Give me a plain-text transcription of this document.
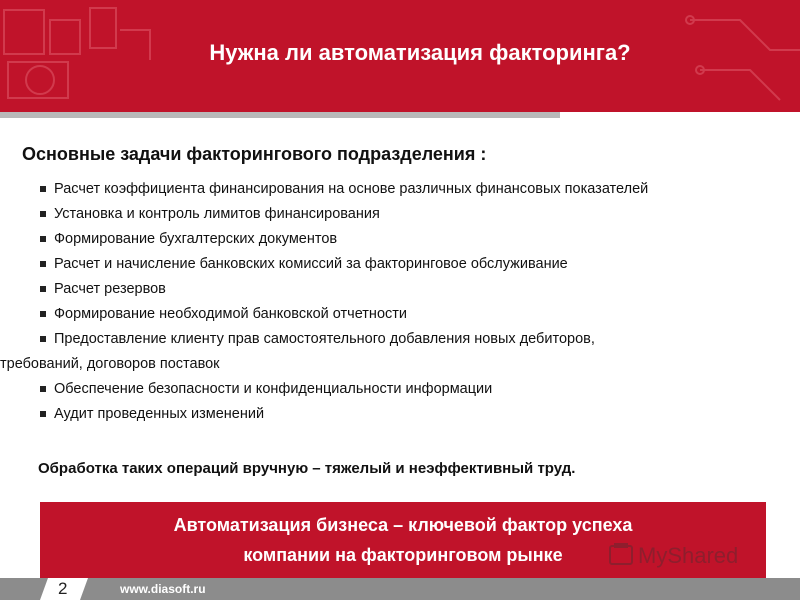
Нужна ли автоматизация факторинга?
Основные задачи факторингового подразделения :
Расчет коэффициента финансирования на основе различных финансовых показателей
Установка и контроль лимитов финансирования
Формирование бухгалтерских документов
Расчет и начисление банковских комиссий за факторинговое обслуживание
Расчет резервов
Формирование необходимой банковской отчетности
Предоставление клиенту прав самостоятельного добавления новых дебиторов,
требований, договоров поставок
Обеспечение безопасности и конфиденциальности информации
Аудит проведенных изменений
Обработка таких операций вручную – тяжелый и неэффективный труд.
Автоматизация бизнеса – ключевой фактор успеха
компании на факторинговом рынке	MyShared
2	www.diasoft.ru
